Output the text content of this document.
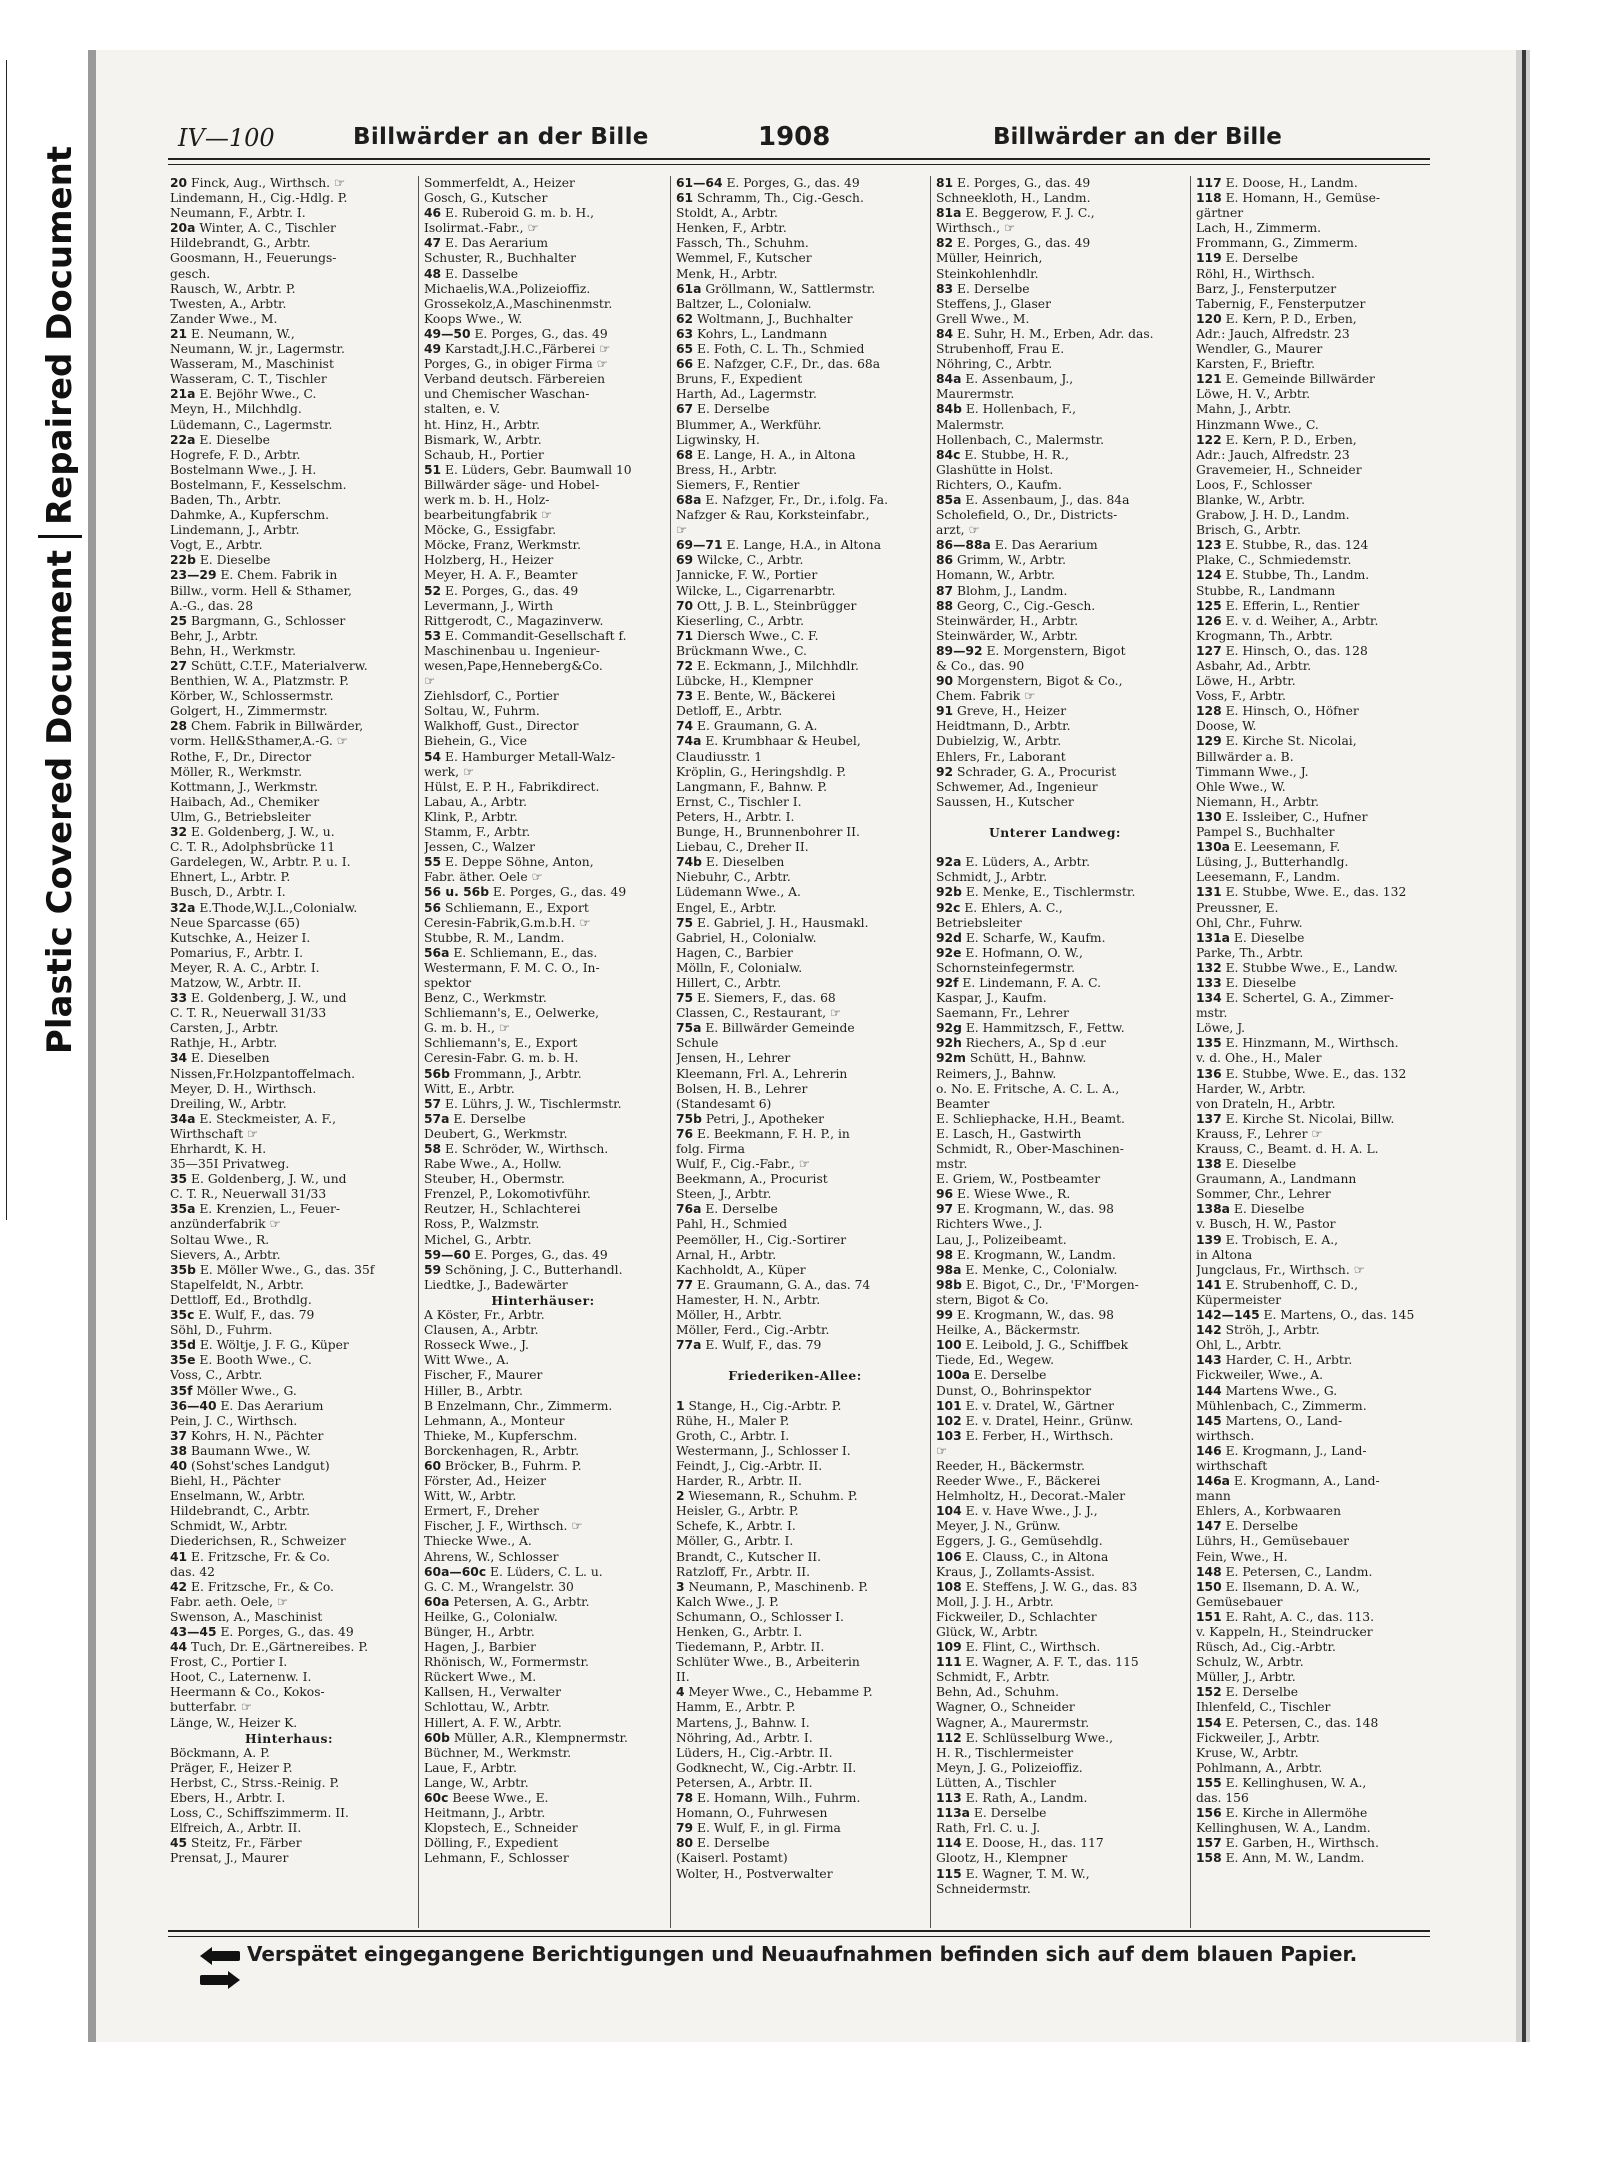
Plastic Covered Document
Repaired Document
IV—100	Billwärder an der Bille	1908	Billwärder an der Bille
20 Finck, Aug., Wirthsch. ☞
Lindemann, H., Cig.-Hdlg. P.
Neumann, F., Arbtr. I.
20a Winter, A. C., Tischler
Hildebrandt, G., Arbtr.
Goosmann, H., Feuerungs-
gesch.
Rausch, W., Arbtr. P.
Twesten, A., Arbtr.
Zander Wwe., M.
21 E. Neumann, W.,
Neumann, W. jr., Lagermstr.
Wasseram, M., Maschinist
Wasseram, C. T., Tischler
21a E. Bejöhr Wwe., C.
Meyn, H., Milchhdlg.
Lüdemann, C., Lagermstr.
22a E. Dieselbe
Hogrefe, F. D., Arbtr.
Bostelmann Wwe., J. H.
Bostelmann, F., Kesselschm.
Baden, Th., Arbtr.
Dahmke, A., Kupferschm.
Lindemann, J., Arbtr.
Vogt, E., Arbtr.
22b E. Dieselbe
23—29 E. Chem. Fabrik in
Billw., vorm. Hell & Sthamer,
A.-G., das. 28
25 Bargmann, G., Schlosser
Behr, J., Arbtr.
Behn, H., Werkmstr.
27 Schütt, C.T.F., Materialverw.
Benthien, W. A., Platzmstr. P.
Körber, W., Schlossermstr.
Golgert, H., Zimmermstr.
28 Chem. Fabrik in Billwärder,
vorm. Hell&Sthamer,A.-G. ☞
Rothe, F., Dr., Director
Möller, R., Werkmstr.
Kottmann, J., Werkmstr.
Haibach, Ad., Chemiker
Ulm, G., Betriebsleiter
32 E. Goldenberg, J. W., u.
C. T. R., Adolphsbrücke 11
Gardelegen, W., Arbtr. P. u. I.
Ehnert, L., Arbtr. P.
Busch, D., Arbtr. I.
32a E.Thode,W.J.L.,Colonialw.
Neue Sparcasse (65)
Kutschke, A., Heizer I.
Pomarius, F., Arbtr. I.
Meyer, R. A. C., Arbtr. I.
Matzow, W., Arbtr. II.
33 E. Goldenberg, J. W., und
C. T. R., Neuerwall 31/33
Carsten, J., Arbtr.
Rathje, H., Arbtr.
34 E. Dieselben
Nissen,Fr.Holzpantoffelmach.
Meyer, D. H., Wirthsch.
Dreiling, W., Arbtr.
34a E. Steckmeister, A. F.,
Wirthschaft ☞
Ehrhardt, K. H.
35—35I Privatweg.
35 E. Goldenberg, J. W., und
C. T. R., Neuerwall 31/33
35a E. Krenzien, L., Feuer-
anzünderfabrik ☞
Soltau Wwe., R.
Sievers, A., Arbtr.
35b E. Möller Wwe., G., das. 35f
Stapelfeldt, N., Arbtr.
Dettloff, Ed., Brothdlg.
35c E. Wulf, F., das. 79
Söhl, D., Fuhrm.
35d E. Wöltje, J. F. G., Küper
35e E. Booth Wwe., C.
Voss, C., Arbtr.
35f Möller Wwe., G.
36—40 E. Das Aerarium
Pein, J. C., Wirthsch.
37 Kohrs, H. N., Pächter
38 Baumann Wwe., W.
40 (Sohst'sches Landgut)
Biehl, H., Pächter
Enselmann, W., Arbtr.
Hildebrandt, C., Arbtr.
Schmidt, W., Arbtr.
Diederichsen, R., Schweizer
41 E. Fritzsche, Fr. & Co.
das. 42
42 E. Fritzsche, Fr., & Co.
Fabr. aeth. Oele, ☞
Swenson, A., Maschinist
43—45 E. Porges, G., das. 49
44 Tuch, Dr. E.,Gärtnereibes. P.
Frost, C., Portier I.
Hoot, C., Laternenw. I.
Heermann & Co., Kokos-
butterfabr. ☞
Länge, W., Heizer K.
Hinterhaus:
Böckmann, A. P.
Präger, F., Heizer P.
Herbst, C., Strss.-Reinig. P.
Ebers, H., Arbtr. I.
Loss, C., Schiffszimmerm. II.
Elfreich, A., Arbtr. II.
45 Steitz, Fr., Färber
Prensat, J., Maurer
Sommerfeldt, A., Heizer
Gosch, G., Kutscher
46 E. Ruberoid G. m. b. H.,
Isolirmat.-Fabr., ☞
47 E. Das Aerarium
Schuster, R., Buchhalter
48 E. Dasselbe
Michaelis,W.A.,Polizeioffiz.
Grossekolz,A.,Maschinenmstr.
Koops Wwe., W.
49—50 E. Porges, G., das. 49
49 Karstadt,J.H.C.,Färberei ☞
Porges, G., in obiger Firma ☞
Verband deutsch. Färbereien
und Chemischer Waschan-
stalten, e. V.
ht. Hinz, H., Arbtr.
Bismark, W., Arbtr.
Schaub, H., Portier
51 E. Lüders, Gebr. Baumwall 10
Billwärder säge- und Hobel-
werk m. b. H., Holz-
bearbeitungfabrik ☞
Möcke, G., Essigfabr.
Möcke, Franz, Werkmstr.
Holzberg, H., Heizer
Meyer, H. A. F., Beamter
52 E. Porges, G., das. 49
Levermann, J., Wirth
Rittgerodt, C., Magazinverw.
53 E. Commandit-Gesellschaft f.
Maschinenbau u. Ingenieur-
wesen,Pape,Henneberg&Co.
☞
Ziehlsdorf, C., Portier
Soltau, W., Fuhrm.
Walkhoff, Gust., Director
Biehein, G., Vice
54 E. Hamburger Metall-Walz-
werk, ☞
Hülst, E. P. H., Fabrikdirect.
Labau, A., Arbtr.
Klink, P., Arbtr.
Stamm, F., Arbtr.
Jessen, C., Walzer
55 E. Deppe Söhne, Anton,
Fabr. äther. Oele ☞
56 u. 56b E. Porges, G., das. 49
56 Schliemann, E., Export
Ceresin-Fabrik,G.m.b.H. ☞
Stubbe, R. M., Landm.
56a E. Schliemann, E., das.
Westermann, F. M. C. O., In-
spektor
Benz, C., Werkmstr.
Schliemann's, E., Oelwerke,
G. m. b. H., ☞
Schliemann's, E., Export
Ceresin-Fabr. G. m. b. H.
56b Frommann, J., Arbtr.
Witt, E., Arbtr.
57 E. Lührs, J. W., Tischlermstr.
57a E. Derselbe
Deubert, G., Werkmstr.
58 E. Schröder, W., Wirthsch.
Rabe Wwe., A., Hollw.
Steuber, H., Obermstr.
Frenzel, P., Lokomotivführ.
Reutzer, H., Schlachterei
Ross, P., Walzmstr.
Michel, G., Arbtr.
59—60 E. Porges, G., das. 49
59 Schöning, J. C., Butterhandl.
Liedtke, J., Badewärter
Hinterhäuser:
A Köster, Fr., Arbtr.
Clausen, A., Arbtr.
Rosseck Wwe., J.
Witt Wwe., A.
Fischer, F., Maurer
Hiller, B., Arbtr.
B Enzelmann, Chr., Zimmerm.
Lehmann, A., Monteur
Thieke, M., Kupferschm.
Borckenhagen, R., Arbtr.
60 Bröcker, B., Fuhrm. P.
Förster, Ad., Heizer
Witt, W., Arbtr.
Ermert, F., Dreher
Fischer, J. F., Wirthsch. ☞
Thiecke Wwe., A.
Ahrens, W., Schlosser
60a—60c E. Lüders, C. L. u.
G. C. M., Wrangelstr. 30
60a Petersen, A. G., Arbtr.
Heilke, G., Colonialw.
Bünger, H., Arbtr.
Hagen, J., Barbier
Rhönisch, W., Formermstr.
Rückert Wwe., M.
Kallsen, H., Verwalter
Schlottau, W., Arbtr.
Hillert, A. F. W., Arbtr.
60b Müller, A.R., Klempnermstr.
Büchner, M., Werkmstr.
Laue, F., Arbtr.
Lange, W., Arbtr.
60c Beese Wwe., E.
Heitmann, J., Arbtr.
Klopstech, E., Schneider
Dölling, F., Expedient
Lehmann, F., Schlosser
61—64 E. Porges, G., das. 49
61 Schramm, Th., Cig.-Gesch.
Stoldt, A., Arbtr.
Henken, F., Arbtr.
Fassch, Th., Schuhm.
Wemmel, F., Kutscher
Menk, H., Arbtr.
61a Gröllmann, W., Sattlermstr.
Baltzer, L., Colonialw.
62 Woltmann, J., Buchhalter
63 Kohrs, L., Landmann
65 E. Foth, C. L. Th., Schmied
66 E. Nafzger, C.F., Dr., das. 68a
Bruns, F., Expedient
Harth, Ad., Lagermstr.
67 E. Derselbe
Blummer, A., Werkführ.
Ligwinsky, H.
68 E. Lange, H. A., in Altona
Bress, H., Arbtr.
Siemers, F., Rentier
68a E. Nafzger, Fr., Dr., i.folg. Fa.
Nafzger & Rau, Korksteinfabr.,
☞
69—71 E. Lange, H.A., in Altona
69 Wilcke, C., Arbtr.
Jannicke, F. W., Portier
Wilcke, L., Cigarrenarbtr.
70 Ott, J. B. L., Steinbrügger
Kieserling, C., Arbtr.
71 Diersch Wwe., C. F.
Brückmann Wwe., C.
72 E. Eckmann, J., Milchhdlr.
Lübcke, H., Klempner
73 E. Bente, W., Bäckerei
Detloff, E., Arbtr.
74 E. Graumann, G. A.
74a E. Krumbhaar & Heubel,
Claudiusstr. 1
Kröplin, G., Heringshdlg. P.
Langmann, F., Bahnw. P.
Ernst, C., Tischler I.
Peters, H., Arbtr. I.
Bunge, H., Brunnenbohrer II.
Liebau, C., Dreher II.
74b E. Dieselben
Niebuhr, C., Arbtr.
Lüdemann Wwe., A.
Engel, E., Arbtr.
75 E. Gabriel, J. H., Hausmakl.
Gabriel, H., Colonialw.
Hagen, C., Barbier
Mölln, F., Colonialw.
Hillert, C., Arbtr.
75 E. Siemers, F., das. 68
Classen, C., Restaurant, ☞
75a E. Billwärder Gemeinde
Schule
Jensen, H., Lehrer
Kleemann, Frl. A., Lehrerin
Bolsen, H. B., Lehrer
(Standesamt 6)
75b Petri, J., Apotheker
76 E. Beekmann, F. H. P., in
folg. Firma
Wulf, F., Cig.-Fabr., ☞
Beekmann, A., Procurist
Steen, J., Arbtr.
76a E. Derselbe
Pahl, H., Schmied
Peemöller, H., Cig.-Sortirer
Arnal, H., Arbtr.
Kachholdt, A., Küper
77 E. Graumann, G. A., das. 74
Hamester, H. N., Arbtr.
Möller, H., Arbtr.
Möller, Ferd., Cig.-Arbtr.
77a E. Wulf, F., das. 79
Friederiken-Allee:
1 Stange, H., Cig.-Arbtr. P.
Rühe, H., Maler P.
Groth, C., Arbtr. I.
Westermann, J., Schlosser I.
Feindt, J., Cig.-Arbtr. II.
Harder, R., Arbtr. II.
2 Wiesemann, R., Schuhm. P.
Heisler, G., Arbtr. P.
Schefe, K., Arbtr. I.
Möller, G., Arbtr. I.
Brandt, C., Kutscher II.
Ratzloff, Fr., Arbtr. II.
3 Neumann, P., Maschinenb. P.
Kalch Wwe., J. P.
Schumann, O., Schlosser I.
Henken, G., Arbtr. I.
Tiedemann, P., Arbtr. II.
Schlüter Wwe., B., Arbeiterin
II.
4 Meyer Wwe., C., Hebamme P.
Hamm, E., Arbtr. P.
Martens, J., Bahnw. I.
Nöhring, Ad., Arbtr. I.
Lüders, H., Cig.-Arbtr. II.
Godknecht, W., Cig.-Arbtr. II.
Petersen, A., Arbtr. II.
78 E. Homann, Wilh., Fuhrm.
Homann, O., Fuhrwesen
79 E. Wulf, F., in gl. Firma
80 E. Derselbe
(Kaiserl. Postamt)
Wolter, H., Postverwalter
81 E. Porges, G., das. 49
Schneekloth, H., Landm.
81a E. Beggerow, F. J. C.,
Wirthsch., ☞
82 E. Porges, G., das. 49
Müller, Heinrich,
Steinkohlenhdlr.
83 E. Derselbe
Steffens, J., Glaser
Grell Wwe., M.
84 E. Suhr, H. M., Erben, Adr. das.
Strubenhoff, Frau E.
Nöhring, C., Arbtr.
84a E. Assenbaum, J.,
Maurermstr.
84b E. Hollenbach, F.,
Malermstr.
Hollenbach, C., Malermstr.
84c E. Stubbe, H. R.,
Glashütte in Holst.
Richters, O., Kaufm.
85a E. Assenbaum, J., das. 84a
Scholefield, O., Dr., Districts-
arzt, ☞
86—88a E. Das Aerarium
86 Grimm, W., Arbtr.
Homann, W., Arbtr.
87 Blohm, J., Landm.
88 Georg, C., Cig.-Gesch.
Steinwärder, H., Arbtr.
Steinwärder, W., Arbtr.
89—92 E. Morgenstern, Bigot
& Co., das. 90
90 Morgenstern, Bigot & Co.,
Chem. Fabrik ☞
91 Greve, H., Heizer
Heidtmann, D., Arbtr.
Dubielzig, W., Arbtr.
Ehlers, Fr., Laborant
92 Schrader, G. A., Procurist
Schwemer, Ad., Ingenieur
Saussen, H., Kutscher
Unterer Landweg:
92a E. Lüders, A., Arbtr.
Schmidt, J., Arbtr.
92b E. Menke, E., Tischlermstr.
92c E. Ehlers, A. C.,
Betriebsleiter
92d E. Scharfe, W., Kaufm.
92e E. Hofmann, O. W.,
Schornsteinfegermstr.
92f E. Lindemann, F. A. C.
Kaspar, J., Kaufm.
Saemann, Fr., Lehrer
92g E. Hammitzsch, F., Fettw.
92h Riechers, A., Sp d .eur
92m Schütt, H., Bahnw.
Reimers, J., Bahnw.
o. No. E. Fritsche, A. C. L. A.,
Beamter
E. Schliephacke, H.H., Beamt.
E. Lasch, H., Gastwirth
Schmidt, R., Ober-Maschinen-
mstr.
E. Griem, W., Postbeamter
96 E. Wiese Wwe., R.
97 E. Krogmann, W., das. 98
Richters Wwe., J.
Lau, J., Polizeibeamt.
98 E. Krogmann, W., Landm.
98a E. Menke, C., Colonialw.
98b E. Bigot, C., Dr., 'F'Morgen-
stern, Bigot & Co.
99 E. Krogmann, W., das. 98
Heilke, A., Bäckermstr.
100 E. Leibold, J. G., Schiffbek
Tiede, Ed., Wegew.
100a E. Derselbe
Dunst, O., Bohrinspektor
101 E. v. Dratel, W., Gärtner
102 E. v. Dratel, Heinr., Grünw.
103 E. Ferber, H., Wirthsch.
☞
Reeder, H., Bäckermstr.
Reeder Wwe., F., Bäckerei
Helmholtz, H., Decorat.-Maler
104 E. v. Have Wwe., J. J.,
Meyer, J. N., Grünw.
Eggers, J. G., Gemüsehdlg.
106 E. Clauss, C., in Altona
Kraus, J., Zollamts-Assist.
108 E. Steffens, J. W. G., das. 83
Moll, J. J. H., Arbtr.
Fickweiler, D., Schlachter
Glück, W., Arbtr.
109 E. Flint, C., Wirthsch.
111 E. Wagner, A. F. T., das. 115
Schmidt, F., Arbtr.
Behn, Ad., Schuhm.
Wagner, O., Schneider
Wagner, A., Maurermstr.
112 E. Schlüsselburg Wwe.,
H. R., Tischlermeister
Meyn, J. G., Polizeioffiz.
Lütten, A., Tischler
113 E. Rath, A., Landm.
113a E. Derselbe
Rath, Frl. C. u. J.
114 E. Doose, H., das. 117
Glootz, H., Klempner
115 E. Wagner, T. M. W.,
Schneidermstr.
117 E. Doose, H., Landm.
118 E. Homann, H., Gemüse-
gärtner
Lach, H., Zimmerm.
Frommann, G., Zimmerm.
119 E. Derselbe
Röhl, H., Wirthsch.
Barz, J., Fensterputzer
Tabernig, F., Fensterputzer
120 E. Kern, P. D., Erben,
Adr.: Jauch, Alfredstr. 23
Wendler, G., Maurer
Karsten, F., Brieftr.
121 E. Gemeinde Billwärder
Löwe, H. V., Arbtr.
Mahn, J., Arbtr.
Hinzmann Wwe., C.
122 E. Kern, P. D., Erben,
Adr.: Jauch, Alfredstr. 23
Gravemeier, H., Schneider
Loos, F., Schlosser
Blanke, W., Arbtr.
Grabow, J. H. D., Landm.
Brisch, G., Arbtr.
123 E. Stubbe, R., das. 124
Plake, C., Schmiedemstr.
124 E. Stubbe, Th., Landm.
Stubbe, R., Landmann
125 E. Efferin, L., Rentier
126 E. v. d. Weiher, A., Arbtr.
Krogmann, Th., Arbtr.
127 E. Hinsch, O., das. 128
Asbahr, Ad., Arbtr.
Löwe, H., Arbtr.
Voss, F., Arbtr.
128 E. Hinsch, O., Höfner
Doose, W.
129 E. Kirche St. Nicolai,
Billwärder a. B.
Timmann Wwe., J.
Ohle Wwe., W.
Niemann, H., Arbtr.
130 E. Issleiber, C., Hufner
Pampel S., Buchhalter
130a E. Leesemann, F.
Lüsing, J., Butterhandlg.
Leesemann, F., Landm.
131 E. Stubbe, Wwe. E., das. 132
Preussner, E.
Ohl, Chr., Fuhrw.
131a E. Dieselbe
Parke, Th., Arbtr.
132 E. Stubbe Wwe., E., Landw.
133 E. Dieselbe
134 E. Schertel, G. A., Zimmer-
mstr.
Löwe, J.
135 E. Hinzmann, M., Wirthsch.
v. d. Ohe., H., Maler
136 E. Stubbe, Wwe. E., das. 132
Harder, W., Arbtr.
von Drateln, H., Arbtr.
137 E. Kirche St. Nicolai, Billw.
Krauss, F., Lehrer ☞
Krauss, C., Beamt. d. H. A. L.
138 E. Dieselbe
Graumann, A., Landmann
Sommer, Chr., Lehrer
138a E. Dieselbe
v. Busch, H. W., Pastor
139 E. Trobisch, E. A.,
in Altona
Jungclaus, Fr., Wirthsch. ☞
141 E. Strubenhoff, C. D.,
Küpermeister
142—145 E. Martens, O., das. 145
142 Ströh, J., Arbtr.
Ohl, L., Arbtr.
143 Harder, C. H., Arbtr.
Fickweiler, Wwe., A.
144 Martens Wwe., G.
Mühlenbach, C., Zimmerm.
145 Martens, O., Land-
wirthsch.
146 E. Krogmann, J., Land-
wirthschaft
146a E. Krogmann, A., Land-
mann
Ehlers, A., Korbwaaren
147 E. Derselbe
Lührs, H., Gemüsebauer
Fein, Wwe., H.
148 E. Petersen, C., Landm.
150 E. Ilsemann, D. A. W.,
Gemüsebauer
151 E. Raht, A. C., das. 113.
v. Kappeln, H., Steindrucker
Rüsch, Ad., Cig.-Arbtr.
Schulz, W., Arbtr.
Müller, J., Arbtr.
152 E. Derselbe
Ihlenfeld, C., Tischler
154 E. Petersen, C., das. 148
Fickweiler, J., Arbtr.
Kruse, W., Arbtr.
Pohlmann, A., Arbtr.
155 E. Kellinghusen, W. A.,
das. 156
156 E. Kirche in Allermöhe
Kellinghusen, W. A., Landm.
157 E. Garben, H., Wirthsch.
158 E. Ann, M. W., Landm.
Verspätet eingegangene Berichtigungen und Neuaufnahmen befinden sich auf dem blauen Papier.
